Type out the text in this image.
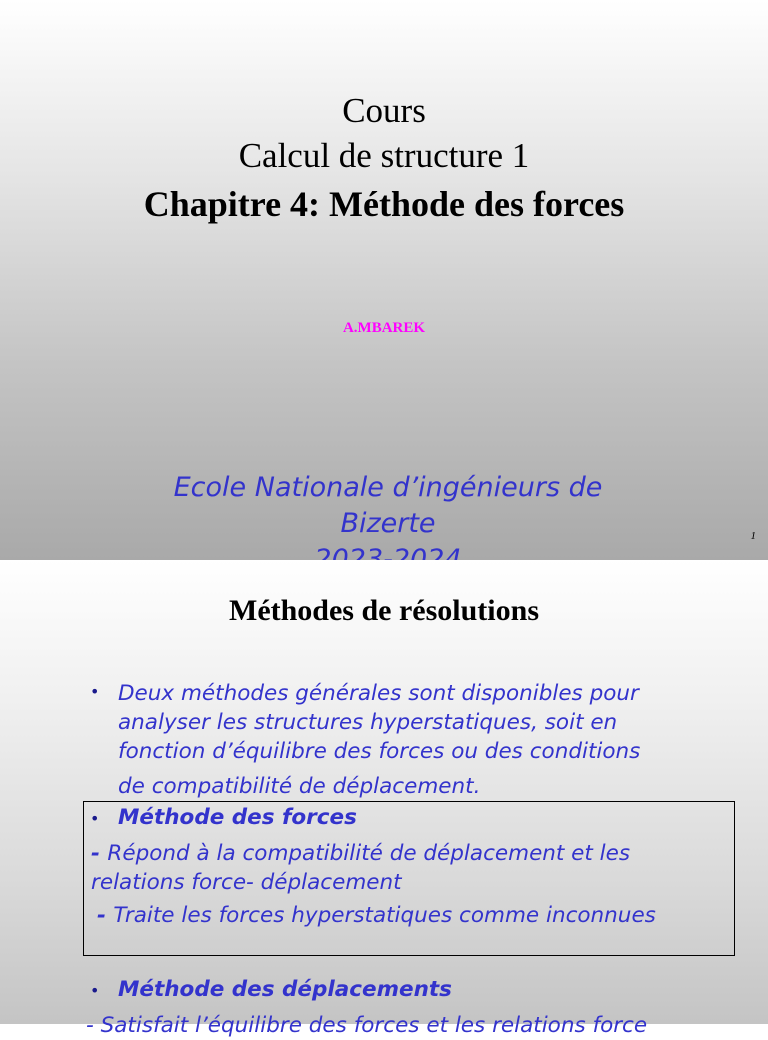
Cours
Calcul de structure 1
Chapitre 4: Méthode des forces
A.MBAREK
Ecole Nationale d’ingénieurs de
Bizerte	1
Méthodes de résolutions
• Deux méthodes générales sont disponibles pour
analyser les structures hyperstatiques, soit en
fonction d’équilibre des forces ou des conditions
de compatibilité de déplacement.
• Méthode des forces
- Répond à la compatibilité de déplacement et les
relations force- déplacement
- Traite les forces hyperstatiques comme inconnues
• Méthode des déplacements
- Satisfait l’équilibre des forces et les relations force
